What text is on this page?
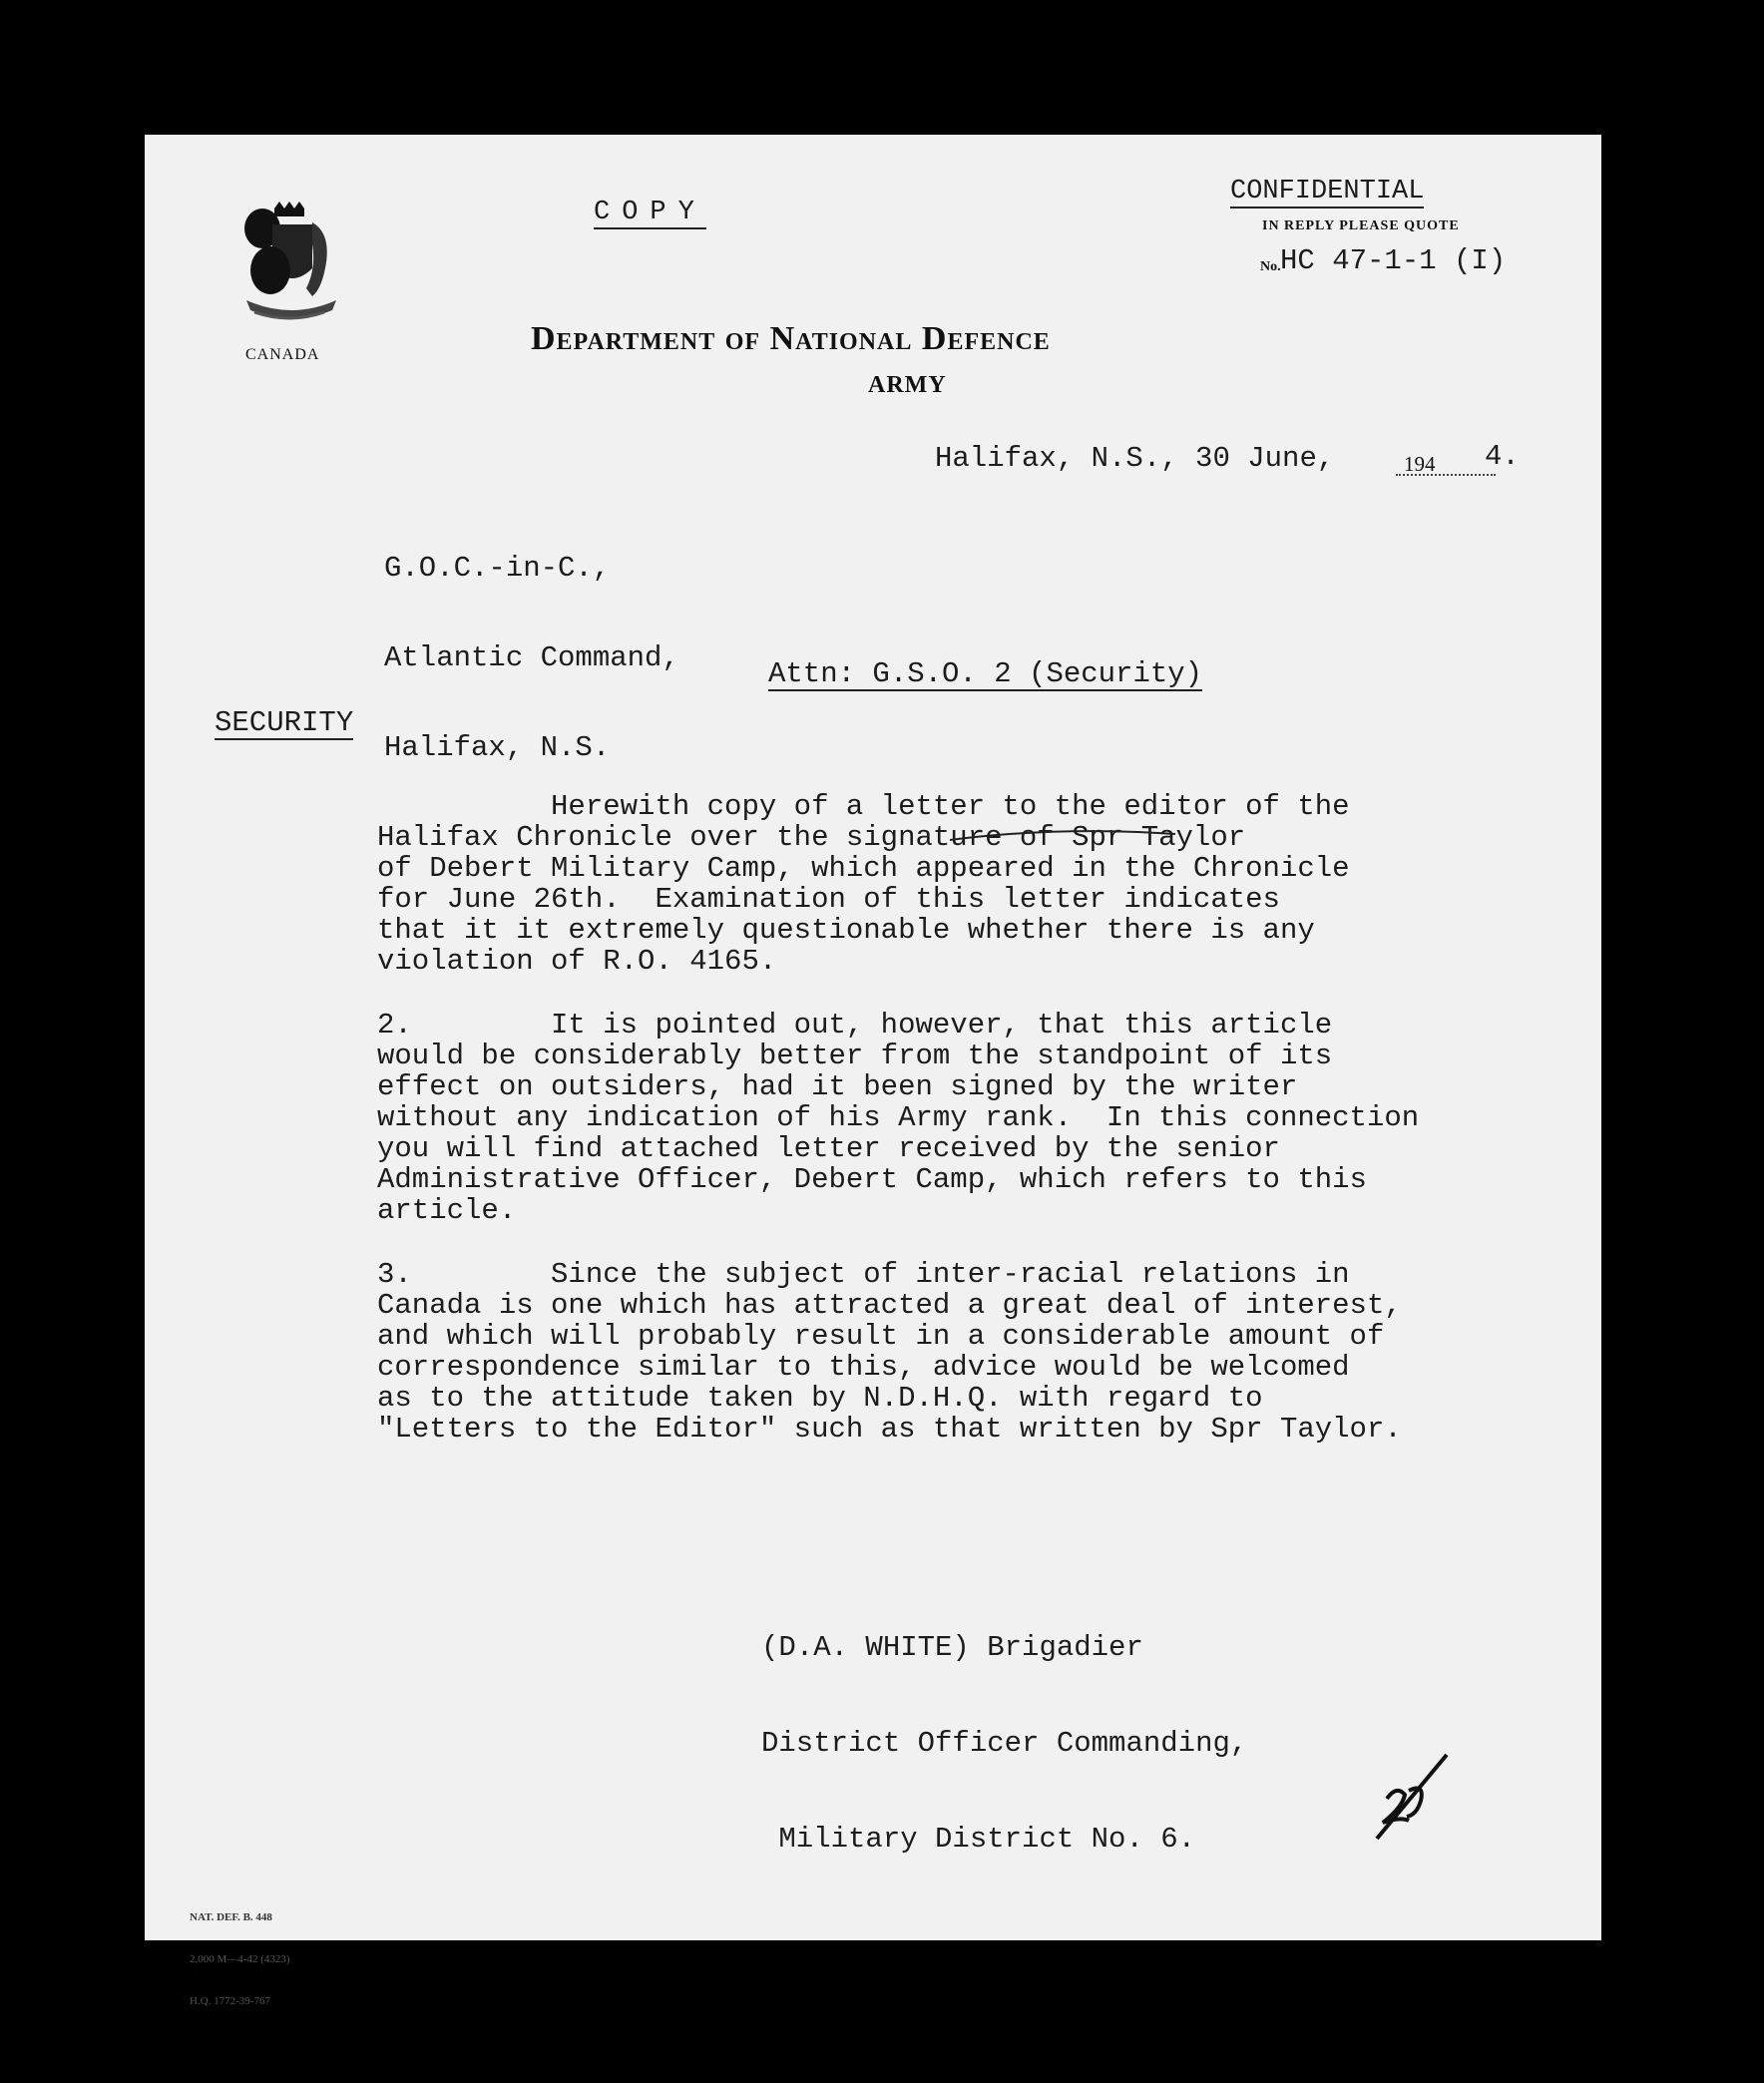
CANADA
COPY
CONFIDENTIAL
IN REPLY PLEASE QUOTE
No. HC 47-1-1 (I)
Department of National Defence
ARMY
Halifax, N.S., 30 June,	194 4.

G.O.C.-in-C.,

Atlantic Command,

Halifax, N.S.

Attn: G.S.O. 2 (Security)
SECURITY
Herewith copy of a letter to the editor of the
Halifax Chronicle over the signature of Spr Taylor
of Debert Military Camp, which appeared in the Chronicle
for June 26th.  Examination of this letter indicates
that it it extremely questionable whether there is any
violation of R.O. 4165.
2.        It is pointed out, however, that this article
would be considerably better from the standpoint of its
effect on outsiders, had it been signed by the writer
without any indication of his Army rank.  In this connection
you will find attached letter received by the senior
Administrative Officer, Debert Camp, which refers to this
article.
3.        Since the subject of inter-racial relations in
Canada is one which has attracted a great deal of interest,
and which will probably result in a considerable amount of
correspondence similar to this, advice would be welcomed
as to the attitude taken by N.D.H.Q. with regard to
"Letters to the Editor" such as that written by Spr Taylor.

(D.A. WHITE) Brigadier

District Officer Commanding,

Military District No. 6.

NAT. DEF. B. 448

2,000 M—4-42 (4323)

H.Q. 1772-39-767
